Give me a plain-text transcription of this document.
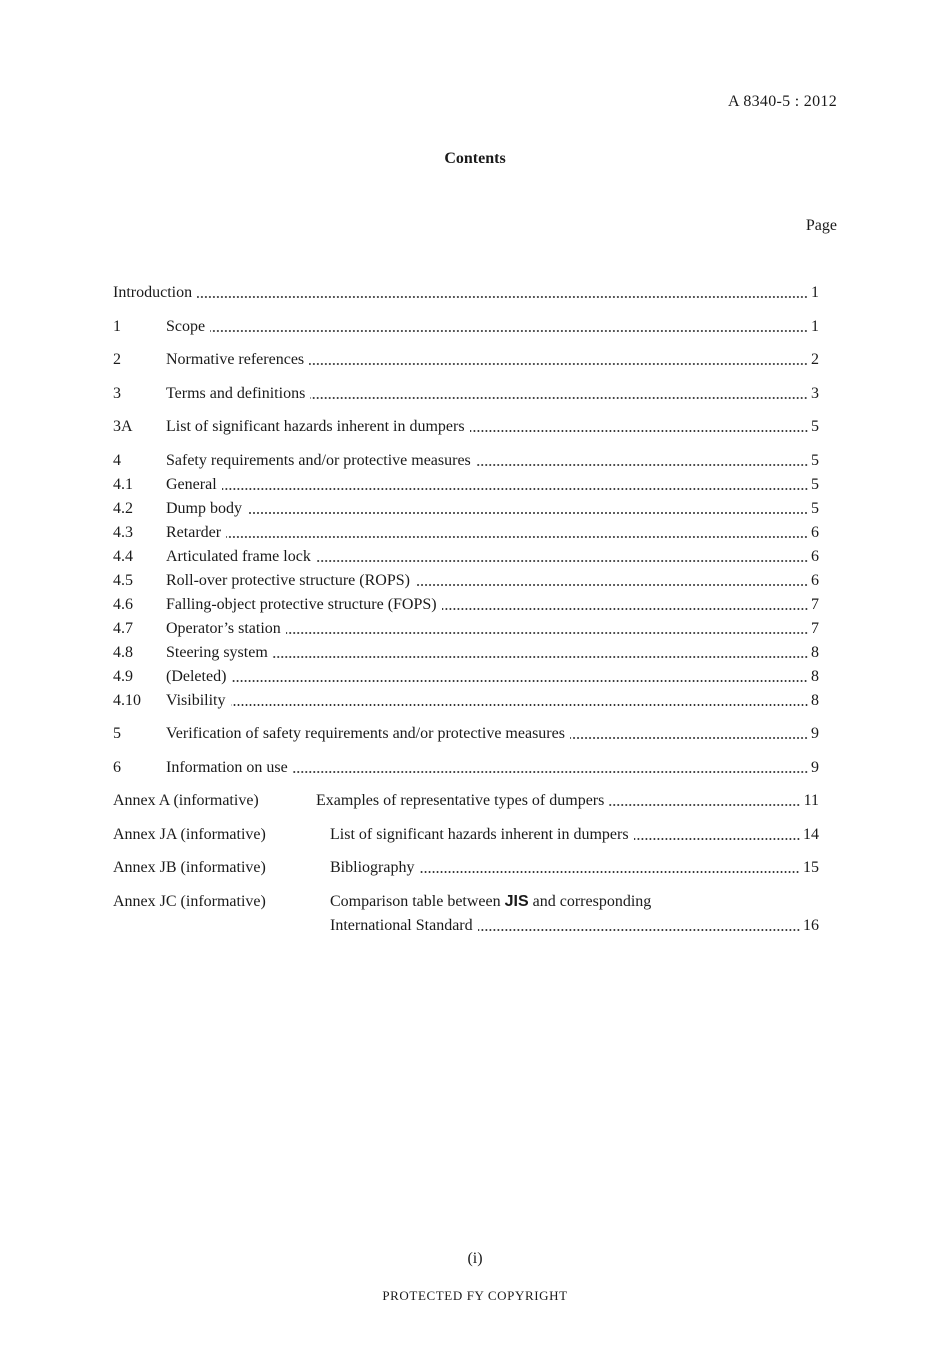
A 8340-5 : 2012
Contents
Page
Introduction	1
1	Scope	1
2	Normative references	2
3	Terms and definitions	3
3A	List of significant hazards inherent in dumpers	5
4	Safety requirements and/or protective measures	5
4.1	General	5
4.2	Dump body	5
4.3	Retarder	6
4.4	Articulated frame lock	6
4.5	Roll-over protective structure (ROPS)	6
4.6	Falling-object protective structure (FOPS)	7
4.7	Operator’s station	7
4.8	Steering system	8
4.9	(Deleted)	8
4.10	Visibility	8
5	Verification of safety requirements and/or protective measures	9
6	Information on use	9
Annex A (informative)	Examples of representative types of dumpers	11
Annex JA (informative)	List of significant hazards inherent in dumpers	14
Annex JB (informative)	Bibliography	15
Annex JC (informative)	Comparison table between JIS and corresponding
International Standard	16
(i)
PROTECTED FY COPYRIGHT
